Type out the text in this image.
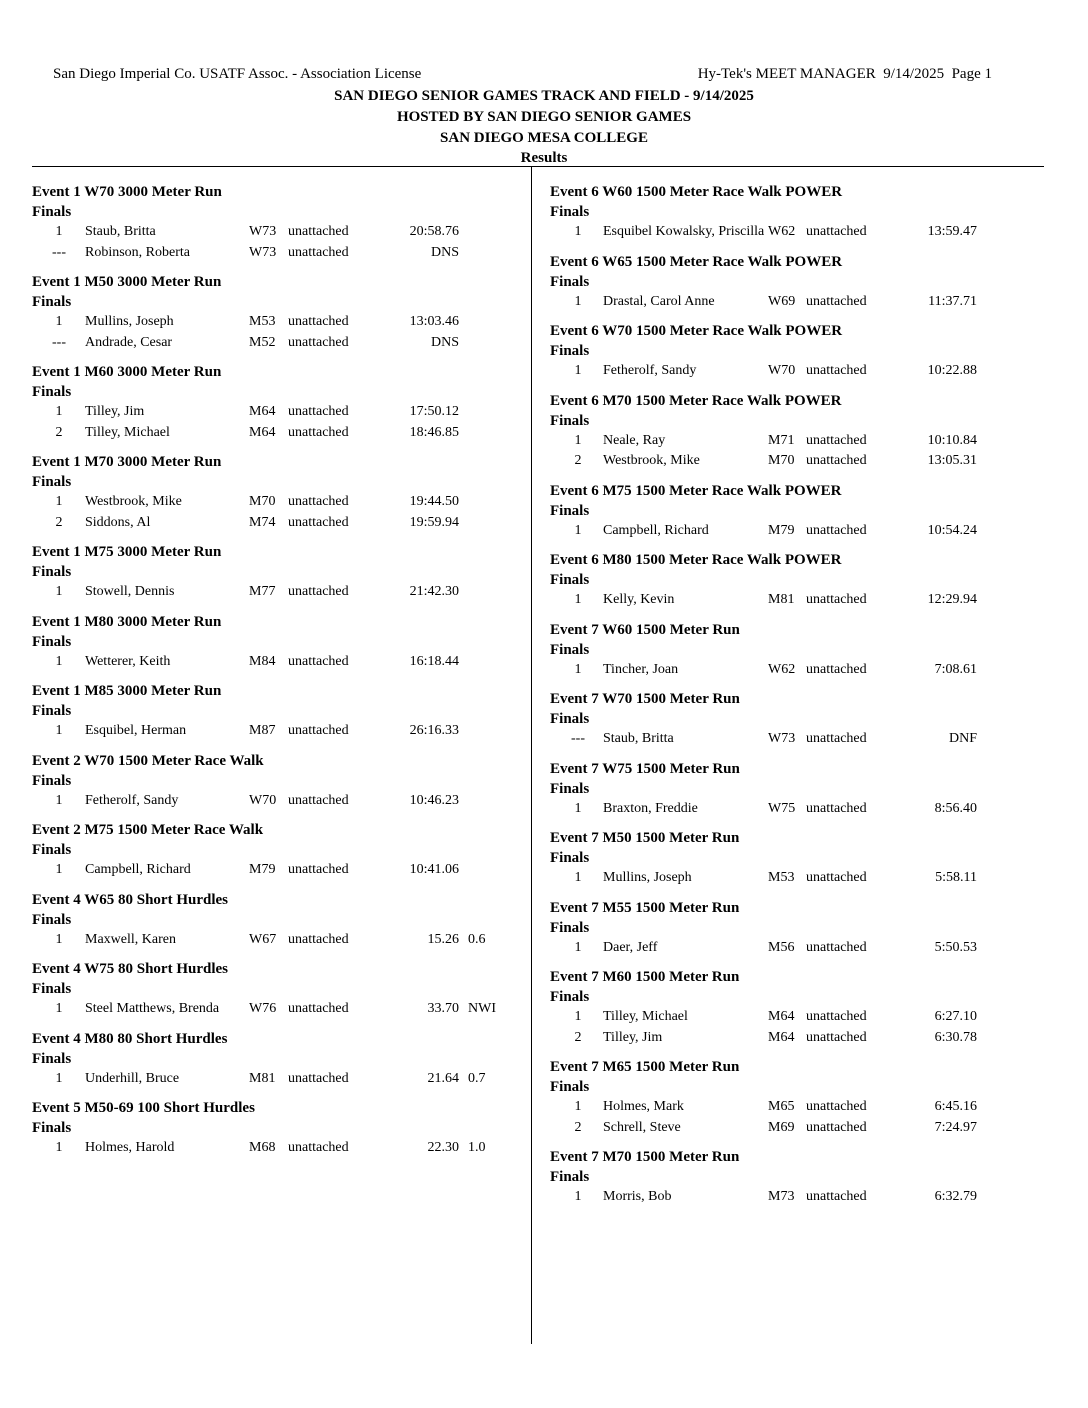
San Diego Imperial Co. USATF Assoc. - Association License	Hy-Tek's MEET MANAGER  9/14/2025  Page 1
SAN DIEGO SENIOR GAMES TRACK AND FIELD - 9/14/2025
HOSTED BY SAN DIEGO SENIOR GAMES
SAN DIEGO MESA COLLEGE
Results
Event 1 W70 3000 Meter Run
Finals
1	Staub, Britta	W73 unattached	20:58.76
---	Robinson, Roberta	W73 unattached	DNS
Event 1 M50 3000 Meter Run
Finals
1	Mullins, Joseph	M53 unattached	13:03.46
---	Andrade, Cesar	M52 unattached	DNS
Event 1 M60 3000 Meter Run
Finals
1	Tilley, Jim	M64 unattached	17:50.12
2	Tilley, Michael	M64 unattached	18:46.85
Event 1 M70 3000 Meter Run
Finals
1	Westbrook, Mike	M70 unattached	19:44.50
2	Siddons, Al	M74 unattached	19:59.94
Event 1 M75 3000 Meter Run
Finals
1	Stowell, Dennis	M77 unattached	21:42.30
Event 1 M80 3000 Meter Run
Finals
1	Wetterer, Keith	M84 unattached	16:18.44
Event 1 M85 3000 Meter Run
Finals
1	Esquibel, Herman	M87 unattached	26:16.33
Event 2 W70 1500 Meter Race Walk
Finals
1	Fetherolf, Sandy	W70 unattached	10:46.23
Event 2 M75 1500 Meter Race Walk
Finals
1	Campbell, Richard	M79 unattached	10:41.06
Event 4 W65 80 Short Hurdles
Finals
1	Maxwell, Karen	W67 unattached	15.26 0.6
Event 4 W75 80 Short Hurdles
Finals
1	Steel Matthews, Brenda W76 unattached	33.70 NWI
Event 4 M80 80 Short Hurdles
Finals
1	Underhill, Bruce	M81 unattached	21.64 0.7
Event 5 M50-69 100 Short Hurdles
Finals
1	Holmes, Harold	M68 unattached	22.30 1.0
Event 6 W60 1500 Meter Race Walk POWER
Finals
1	Esquibel Kowalsky, Priscilla W62 unattached	13:59.47
Event 6 W65 1500 Meter Race Walk POWER
Finals
1	Drastal, Carol Anne	W69 unattached	11:37.71
Event 6 W70 1500 Meter Race Walk POWER
Finals
1	Fetherolf, Sandy	W70 unattached	10:22.88
Event 6 M70 1500 Meter Race Walk POWER
Finals
1	Neale, Ray	M71 unattached	10:10.84
2	Westbrook, Mike	M70 unattached	13:05.31
Event 6 M75 1500 Meter Race Walk POWER
Finals
1	Campbell, Richard	M79 unattached	10:54.24
Event 6 M80 1500 Meter Race Walk POWER
Finals
1	Kelly, Kevin	M81 unattached	12:29.94
Event 7 W60 1500 Meter Run
Finals
1	Tincher, Joan	W62 unattached	7:08.61
Event 7 W70 1500 Meter Run
Finals
---	Staub, Britta	W73 unattached	DNF
Event 7 W75 1500 Meter Run
Finals
1	Braxton, Freddie	W75 unattached	8:56.40
Event 7 M50 1500 Meter Run
Finals
1	Mullins, Joseph	M53 unattached	5:58.11
Event 7 M55 1500 Meter Run
Finals
1	Daer, Jeff	M56 unattached	5:50.53
Event 7 M60 1500 Meter Run
Finals
1	Tilley, Michael	M64 unattached	6:27.10
2	Tilley, Jim	M64 unattached	6:30.78
Event 7 M65 1500 Meter Run
Finals
1	Holmes, Mark	M65 unattached	6:45.16
2	Schrell, Steve	M69 unattached	7:24.97
Event 7 M70 1500 Meter Run
Finals
1	Morris, Bob	M73 unattached	6:32.79
